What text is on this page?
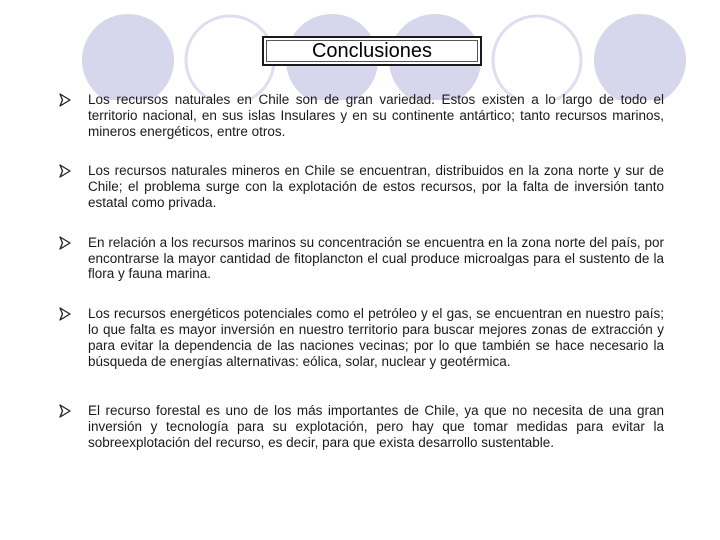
Conclusiones
Los recursos naturales en Chile son de gran variedad. Estos existen a lo largo de todo el territorio nacional, en sus islas Insulares y en su continente antártico; tanto recursos marinos, mineros energéticos, entre otros.
Los recursos naturales mineros en Chile se encuentran, distribuidos en la zona norte y sur de Chile; el problema surge con la explotación de estos recursos, por la falta de inversión tanto estatal como privada.
En relación a los recursos marinos su concentración se encuentra en la zona norte del país, por encontrarse la mayor cantidad de fitoplancton el cual produce microalgas para el sustento de la flora y fauna marina.
Los recursos energéticos potenciales como el petróleo y el gas, se encuentran en nuestro país; lo que falta es mayor inversión en nuestro territorio para buscar mejores zonas de extracción y para evitar la dependencia de las naciones vecinas; por lo que también se hace necesario la búsqueda de energías alternativas: eólica, solar, nuclear y geotérmica.
El recurso forestal es uno de los más importantes de Chile, ya que no necesita de una gran inversión y tecnología para su explotación, pero hay que tomar medidas para evitar la sobreexplotación del recurso, es decir, para que exista desarrollo sustentable.
